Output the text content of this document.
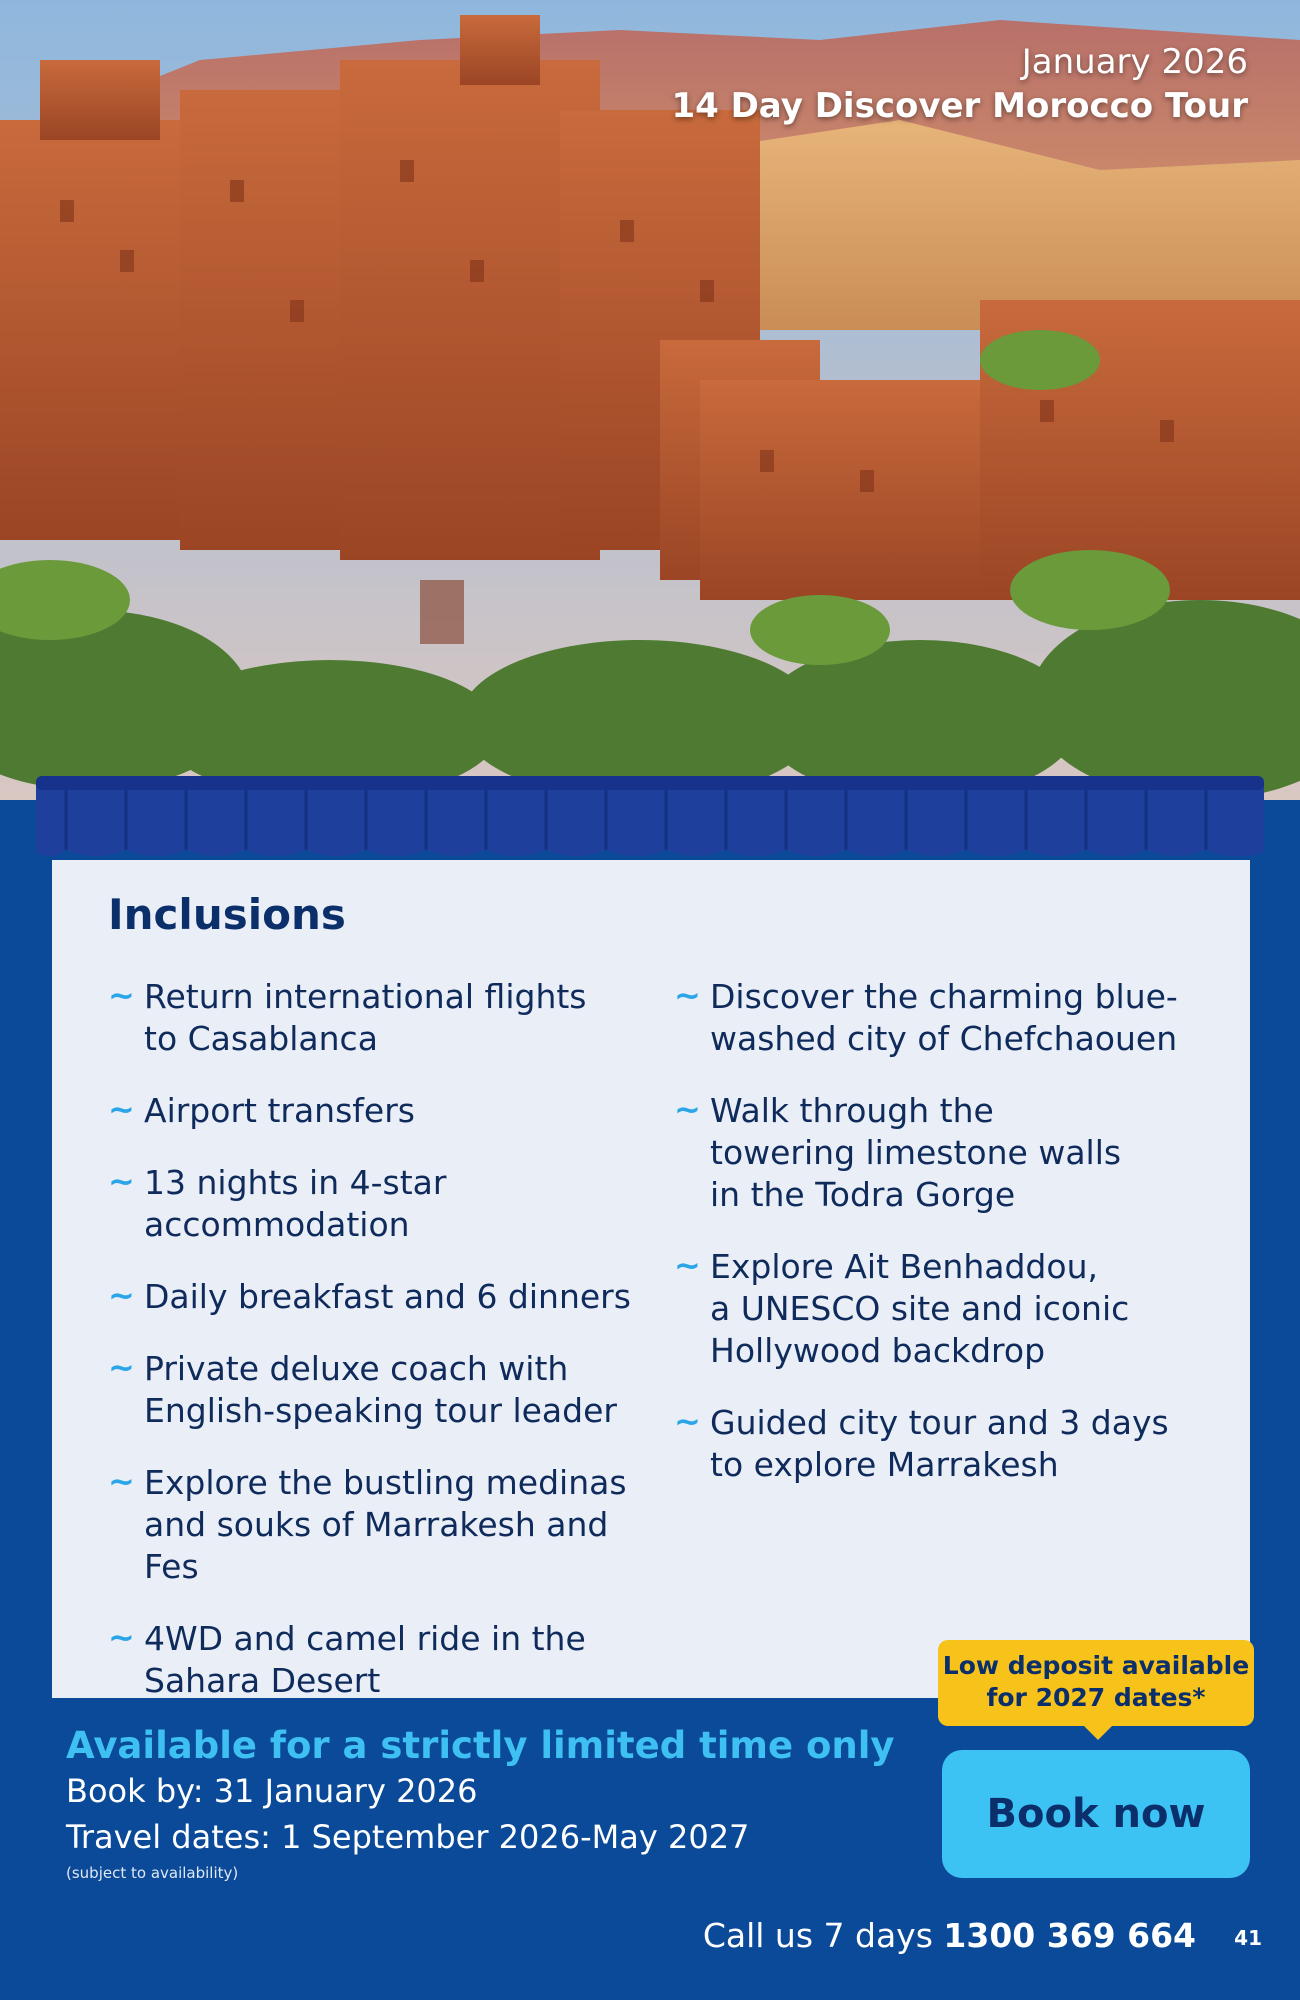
January 2026
14 Day Discover Morocco Tour
Inclusions
~ Return international flights
to Casablanca
~ Airport transfers
~ 13 nights in 4-star
accommodation
~ Daily breakfast and 6 dinners
~ Private deluxe coach with
English-speaking tour leader
~ Explore the bustling medinas
and souks of Marrakesh and Fes
~ 4WD and camel ride in the
Sahara Desert
~ Discover the charming blue-
washed city of Chefchaouen
~ Walk through the
towering limestone walls
in the Todra Gorge
~ Explore Ait Benhaddou,
a UNESCO site and iconic
Hollywood backdrop
~ Guided city tour and 3 days
to explore Marrakesh
Available for a strictly limited time only
Book by: 31 January 2026
Travel dates: 1 September 2026-May 2027
(subject to availability)
Low deposit available
for 2027 dates*
Book now
Call us 7 days 1300 369 664 41
